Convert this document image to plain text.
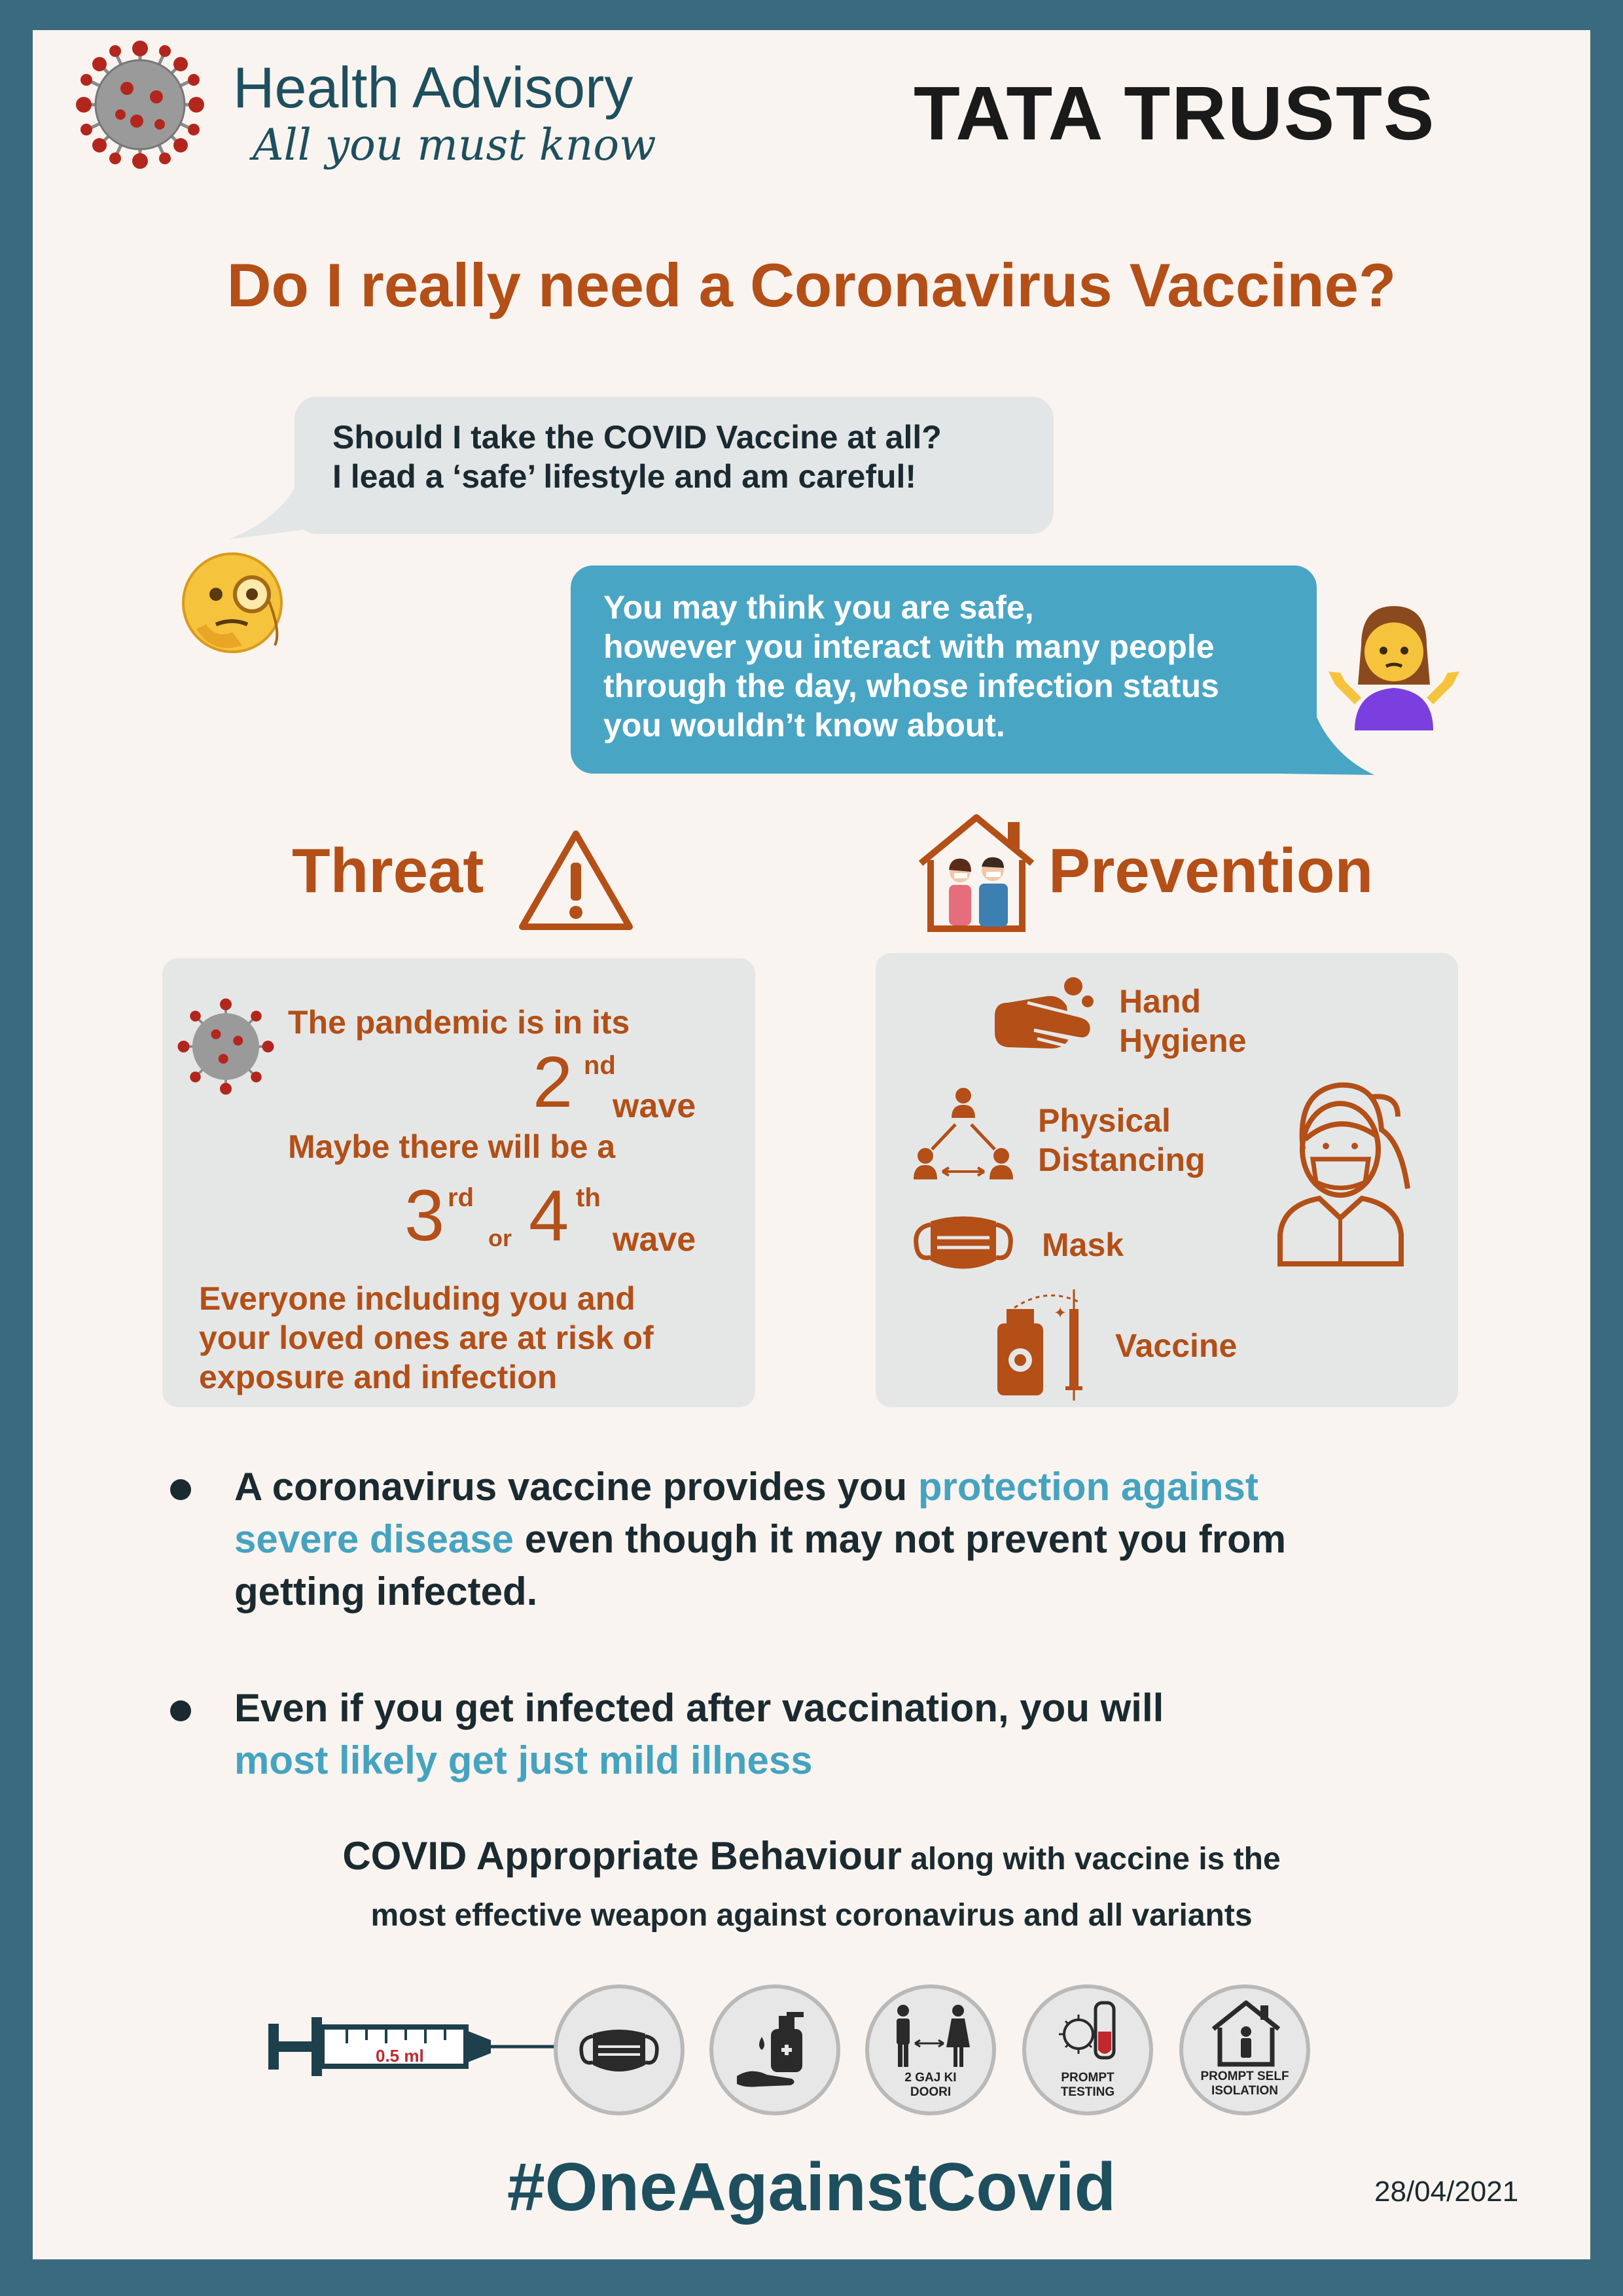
Health Advisory
All you must know	TATA TRUSTS
Do I really need a Coronavirus Vaccine?
Should I take the COVID Vaccine at all?
I lead a ‘safe’ lifestyle and am careful!
You may think you are safe,
however you interact with many people
through the day, whose infection status
you wouldn’t know about.
Threat
The pandemic is in its
2 nd
wave
Maybe there will be a
3 rd
or 4 th
wave
Everyone including you and
your loved ones are at risk of
exposure and infection
Prevention
Hand
Hygiene
Physical
Distancing
Mask
✦
Vaccine
A coronavirus vaccine provides you protection against
severe disease even though it may not prevent you from
getting infected.
Even if you get infected after vaccination, you will
most likely get just mild illness
COVID Appropriate Behaviour along with vaccine is the
most effective weapon against coronavirus and all variants
0.5 ml
2 GAJ KI
DOORI
PROMPT
TESTING
PROMPT SELF
ISOLATION
#OneAgainstCovid	28/04/2021
